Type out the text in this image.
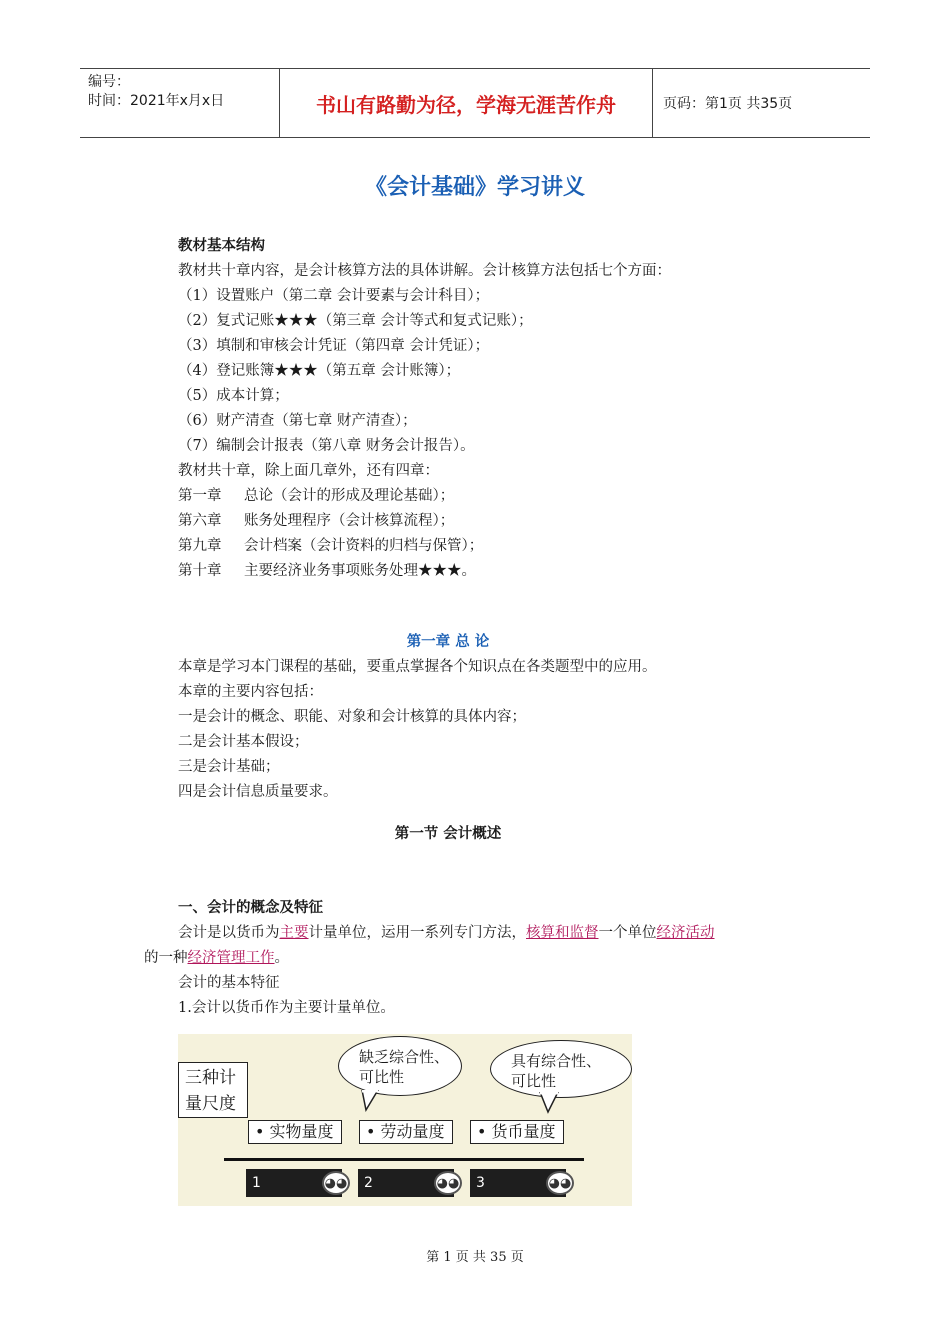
编号：
时间：2021年x月x日	书山有路勤为径，学海无涯苦作舟	页码：第1页 共35页
《会计基础》学习讲义
教材基本结构
教材共十章内容，是会计核算方法的具体讲解。会计核算方法包括七个方面：
（1）设置账户（第二章 会计要素与会计科目）；
（2）复式记账★★★（第三章 会计等式和复式记账）；
（3）填制和审核会计凭证（第四章 会计凭证）；
（4）登记账簿★★★（第五章 会计账簿）；
（5）成本计算；
（6）财产清查（第七章 财产清查）；
（7）编制会计报表（第八章 财务会计报告）。
教材共十章，除上面几章外，还有四章：
第一章 总论（会计的形成及理论基础）；
第六章 账务处理程序（会计核算流程）；
第九章 会计档案（会计资料的归档与保管）；
第十章 主要经济业务事项账务处理★★★。
第一章 总 论
本章是学习本门课程的基础，要重点掌握各个知识点在各类题型中的应用。
本章的主要内容包括：
一是会计的概念、职能、对象和会计核算的具体内容；
二是会计基本假设；
三是会计基础；
四是会计信息质量要求。
第一节 会计概述
一、会计的概念及特征
会计是以货币为主要计量单位，运用一系列专门方法，核算和监督一个单位经济活动
的一种经济管理工作。
会计的基本特征
1.会计以货币作为主要计量单位。
三种计
量尺度
缺乏综合性、
可比性
具有综合性、
可比性
• 实物量度	• 劳动量度	• 货币量度
1	◕◕	2	◕◕	3	◕◕
第 1 页 共 35 页
